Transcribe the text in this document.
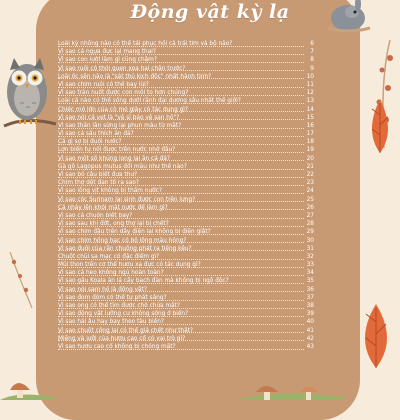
Động vật kỳ lạ
Loài kỳ nhông nào có thể tái phục hồi cả trái tim và bộ não?	6
Vì sao cá ngựa đực lại mang thai?	7
Vì sao con lười làm gì cũng chậm?	8
Vì sao ruồi có thói quen xoa hai chân trước?	9
Loài ốc sên nào là "sát thủ kịch độc" nhất hành tinh?	10
Vì sao chim ruồi có thể bay lùi?	11
Vì sao trăn nuốt được con mồi to hơn chúng?	12
Loài cá nào có thể sống dưới rãnh đại dương sâu nhất thế giới?	13
Chiếc mỏ lớn của cò mỏ giày có tác dụng gì?	14
Vì sao nói cá vẹt là "vệ sĩ bảo vệ san hô"?	15
Vì sao thằn lằn sừng lại phun máu từ mắt?	16
Vì sao cá sấu thích ăn đá?	17
Cá gì sợ bị đuối nước?	18
Lợn biển tự nổi được trên nước nhờ đâu?	19
Vì sao một số khủng long lại ăn cả đá?	20
Gà gô Lagopus mutus đổi màu như thế nào?	21
Vì sao bồ câu biết đưa thư?	22
Chim thợ dệt đan tổ ra sao?	23
Vì sao lông vịt không bị thấm nước?	24
Vì sao cóc Surinam lại sinh được con trên lưng?	25
Cá nhảy lên khỏi mặt nước để làm gì?	26
Vì sao cá chuồn biết bay?	27
Vì sao sau khi đớt, ong thợ lại bị chết?	28
Vì sao chim đậu trên dây điện lại không bị điện giật?	29
Vì sao chim hồng hạc có bộ lông màu hồng?	30
Vì sao đuôi của rắn chuông phát ra tiếng kêu?	31
Chuột chũi sa mạc có đặc điểm gì?	32
Mũi thon trên cơ thể hươu xạ đực có tác dụng gì?	33
Vì sao cá heo không ngủ hoàn toàn?	34
Vì sao gấu Koala ăn lá cây bạch đàn mà không bị ngộ độc?	35
Vì sao nói sam hồ là động vật?	36
Vì sao đom đóm có thể tự phát sáng?	37
Vì sao ong có thể tìm được chỗ chứa mật?	38
Vì sao động vật lưỡng cư không sống ở biển?	39
Vì sao hải âu hay bay theo tàu biển?	40
Vì sao chuột cống lại có thể giả chết như thật?	41
Miệng và lưỡi của hươu cao cổ có vai trò gì?	42
Vì sao hươu cao cổ không bị chóng mặt?	43
